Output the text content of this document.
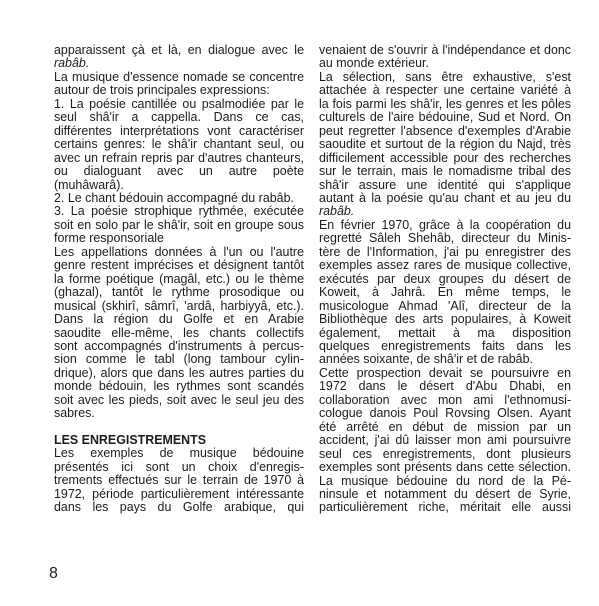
apparaissent çà et là, en dialogue avec le
rabâb.
La musique d'essence nomade se concentre
autour de trois principales expressions:
1. La poésie cantillée ou psalmodiée par le
seul shâ'ir a cappella. Dans ce cas,
différentes interprétations vont caractériser
certains genres: le shâ'ir chantant seul, ou
avec un refrain repris par d'autres chanteurs,
ou dialoguant avec un autre poète
(muhâwarâ).
2. Le chant bédouin accompagné du rabâb.
3. La poésie strophique rythmée, exécutée
soit en solo par le shâ'ir, soit en groupe sous
forme responsoriale
Les appellations données à l'un ou l'autre
genre restent imprécises et désignent tantôt
la forme poétique (magâl, etc.) ou le thème
(ghazal), tantôt le rythme prosodique ou
musical (skhirî, sâmrî, 'ardâ, harbiyyâ, etc.).
Dans la région du Golfe et en Arabie
saoudite elle-même, les chants collectifs
sont accompagnés d'instruments à percus-
sion comme le tabl (long tambour cylin-
drique), alors que dans les autres parties du
monde bédouin, les rythmes sont scandés
soit avec les pieds, soit avec le seul jeu des
sabres.
LES ENREGISTREMENTS
Les exemples de musique bédouine
présentés ici sont un choix d'enregis-
trements effectués sur le terrain de 1970 à
1972, période particulièrement intéressante
dans les pays du Golfe arabique, qui
venaient de s'ouvrir à l'indépendance et donc
au monde extérieur.
La sélection, sans être exhaustive, s'est
attachée à respecter une certaine variété à
la fois parmi les shâ'ir, les genres et les pôles
culturels de l'aire bédouine, Sud et Nord. On
peut regretter l'absence d'exemples d'Arabie
saoudite et surtout de la région du Najd, très
difficilement accessible pour des recherches
sur le terrain, mais le nomadisme tribal des
shâ'ir assure une identité qui s'applique
autant à la poésie qu'au chant et au jeu du
rabâb.
En février 1970, grâce à la coopération du
regretté Sâleh Shehâb, directeur du Minis-
tère de l'Information, j'ai pu enregistrer des
exemples assez rares de musique collective,
exécutés par deux groupes du désert de
Koweit, à Jahrâ. En même temps, le
musicologue Ahmad 'Alî, directeur de la
Bibliothèque des arts populaires, à Koweit
également, mettait à ma disposition
quelques enregistrements faits dans les
années soixante, de shâ'ir et de rabâb.
Cette prospection devait se poursuivre en
1972 dans le désert d'Abu Dhabi, en
collaboration avec mon ami l'ethnomusi-
cologue danois Poul Rovsing Olsen. Ayant
été arrêté en début de mission par un
accident, j'ai dû laisser mon ami poursuivre
seul ces enregistrements, dont plusieurs
exemples sont présents dans cette sélection.
La musique bédouine du nord de la Pé-
ninsule et notamment du désert de Syrie,
particulièrement riche, méritait elle aussi
8
